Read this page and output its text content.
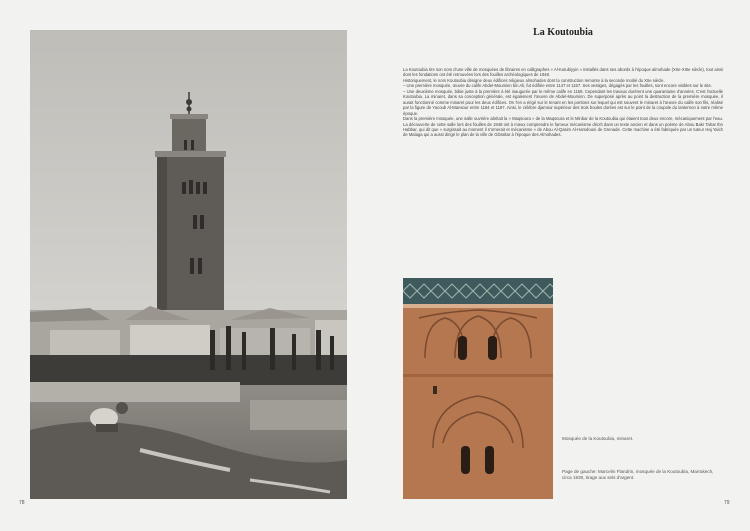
78
La Koutoubia

La Koutoubia tire son nom d'une ville de mosquées de libraires en calligraphes « Al-Kutubiyyin » installés dans ses abords à l'époque almohade (XIIe-XIIIe siècle), tout ainsi dont les fondations ont été retrouvées lors des fouilles archéologiques de 1948.

Historiquement, le nom Koutoubia désigne deux édifices religieux almohades dont la construction remonte à la seconde moitié du XIIe siècle.

– Une première mosquée, œuvre du calife Abdel-Mouminn bin Ali, fut édifiée entre 1147 et 1157. Ses vestiges, dégagés par les fouilles, sont encore visibles sur le site.

– Une deuxième mosquée, bâtie juste à la première à été inaugurée par le même calife en 1158. Cependant les travaux durèrent une quarantaine d'années. C'est l'actuelle Koutoubia. La minaret, dans sa conception générale, est également l'œuvre de Abdel-Mouminn. De superposé après au point la destruction de la première mosquée, il aurait fonctionné comme minaret pour les deux édifices. On l'en a érigé sur le tenant en les portions sur lequel qui est souvent le minaret à l'œuvre du calife son fils, réalisé par la figure de Yacoub Al-Mansour entre 1184 et 1197. Ainsi, le célèbre djamour supérieur des trois boules dorées est sur le point de la coupole du lanternon à notre même époque.

Dans la première mosquée, une salle ouvrière abritait la « Maqsoura » de la Maqsoura et le Minbar de la Koutoubia qui étaient tous deux encore, mécaniquement par l'eau. La découverte de cette salle lors des fouilles de 1948 ont à mieux comprendre le fameux mécanisme décrit dans un texte ancien et dans un poème de Abou Bakr Tahar Ibn Habbar, qui dit que « surgissait au moment il s'ornerait et mécanisme » de Abou Al-Qasim Al-Hamdouni de Grenade. Cette machine a été fabriquée par un tuteur Haj Yaich de Malaga qui a aussi dirigé le plan de la ville de Gibraltar à l'époque des Almohades.

Mosquée de la Koutoubia, minaret.
Page de gauche: Marcelin Flandrin, mosquée de la Koutoubia, Marrakech, circa 1930, tirage aux sels d'argent.
79
